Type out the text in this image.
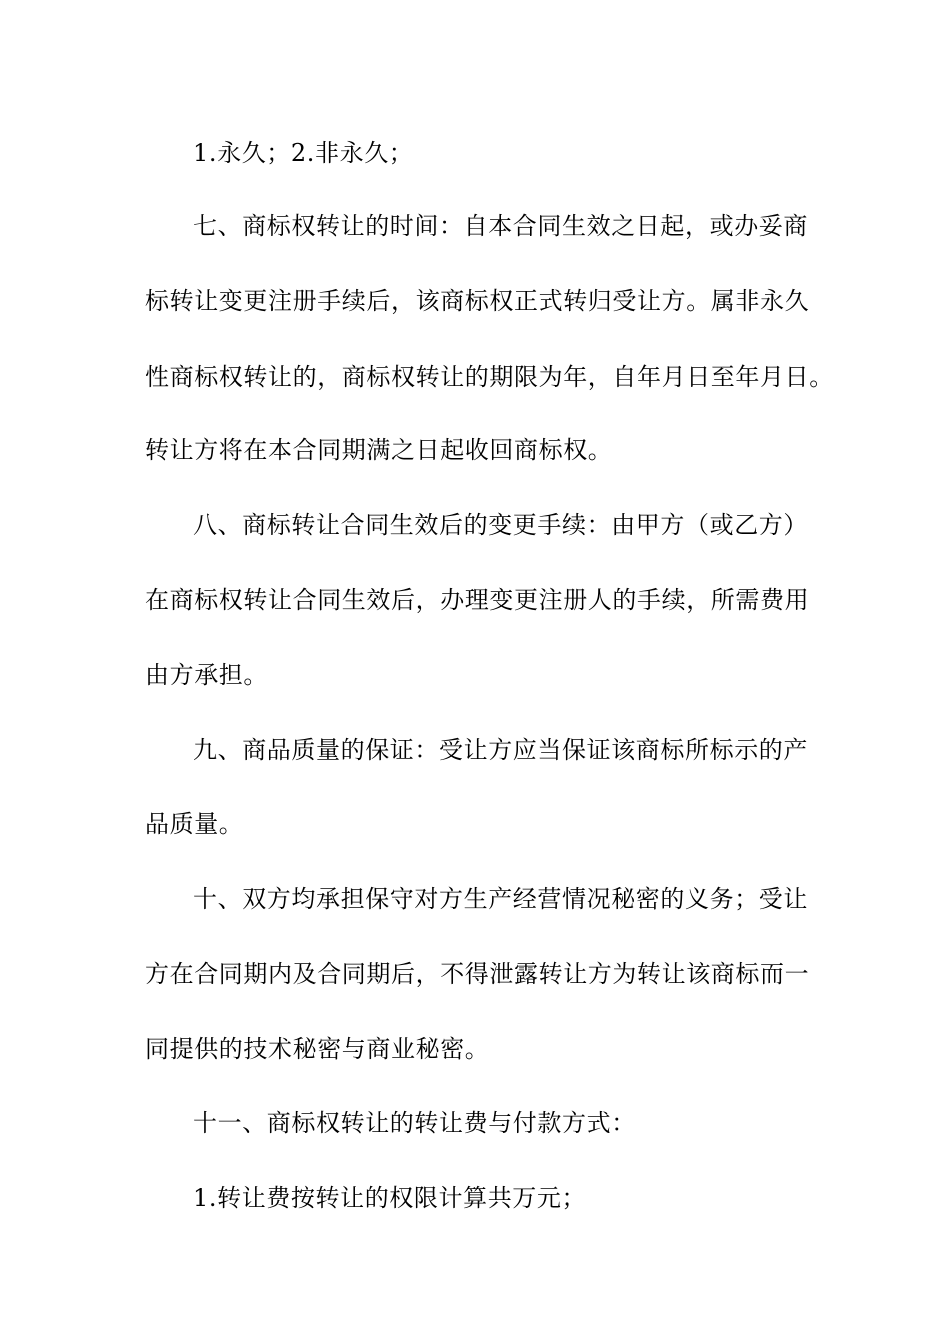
1.永久；2.非永久；
七、商标权转让的时间：自本合同生效之日起，或办妥商
标转让变更注册手续后，该商标权正式转归受让方。属非永久
性商标权转让的，商标权转让的期限为年，自年月日至年月日。
转让方将在本合同期满之日起收回商标权。
八、商标转让合同生效后的变更手续：由甲方（或乙方）
在商标权转让合同生效后，办理变更注册人的手续，所需费用
由方承担。
九、商品质量的保证：受让方应当保证该商标所标示的产
品质量。
十、双方均承担保守对方生产经营情况秘密的义务；受让
方在合同期内及合同期后，不得泄露转让方为转让该商标而一
同提供的技术秘密与商业秘密。
十一、商标权转让的转让费与付款方式：
1.转让费按转让的权限计算共万元；
